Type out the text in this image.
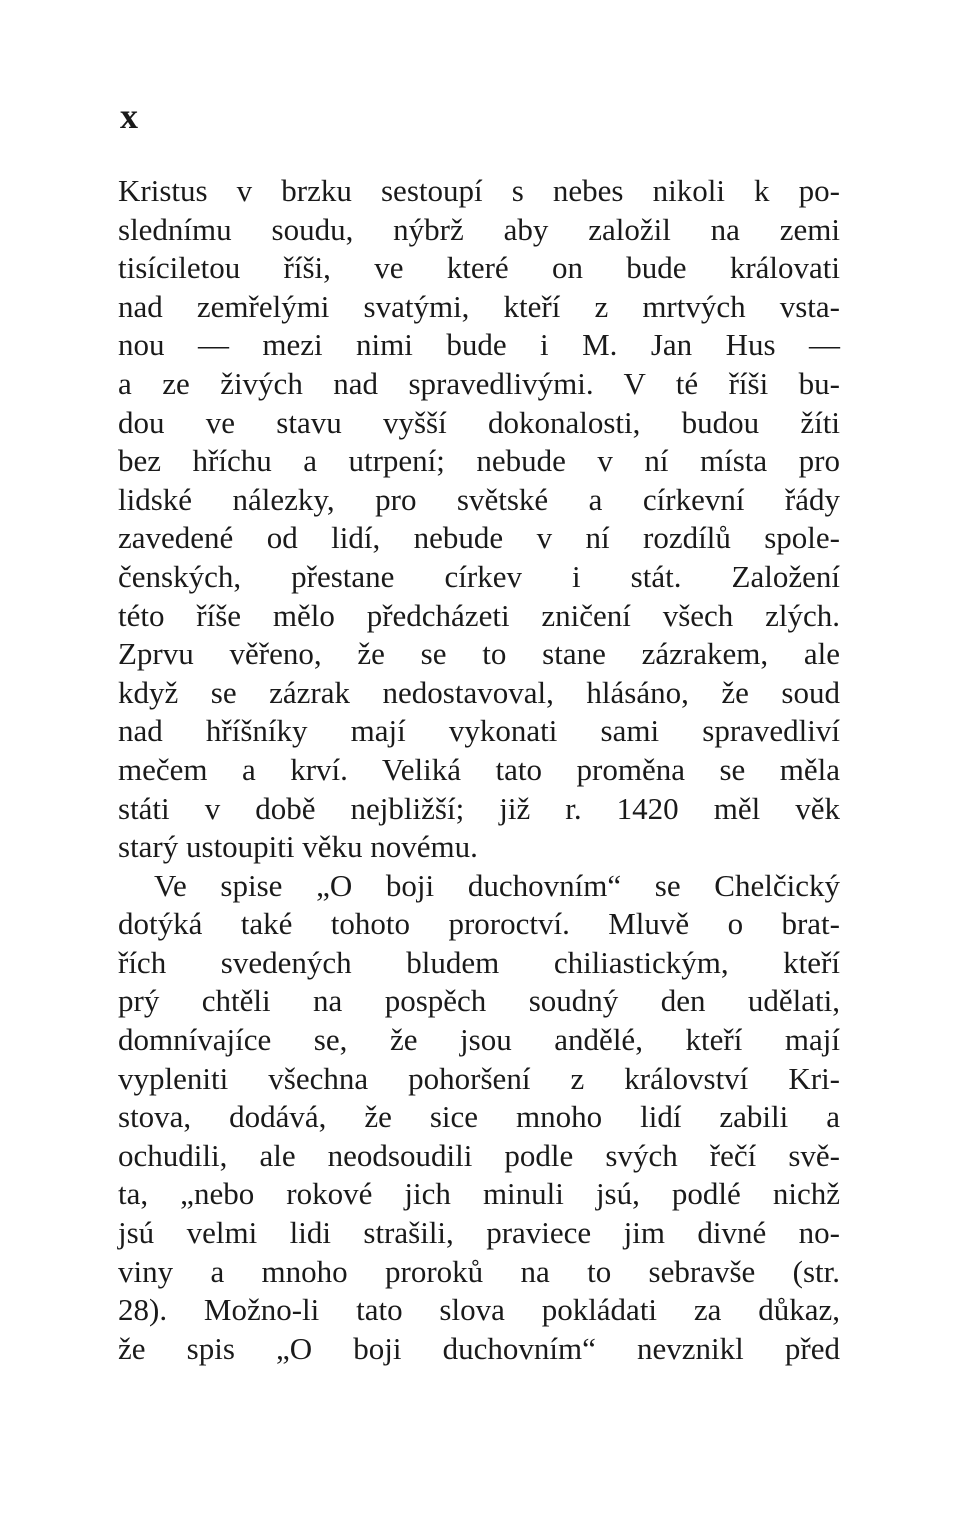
x
Kristus v brzku sestoupí s nebes nikoli k po-
slednímu soudu, nýbrž aby založil na zemi
tisíciletou říši, ve které on bude královati
nad zemřelými svatými, kteří z mrtvých vsta-
nou — mezi nimi bude i M. Jan Hus —
a ze živých nad spravedlivými. V té říši bu-
dou ve stavu vyšší dokonalosti, budou žíti
bez hříchu a utrpení; nebude v ní místa pro
lidské nálezky, pro světské a církevní řády
zavedené od lidí, nebude v ní rozdílů spole-
čenských, přestane církev i stát. Založení
této říše mělo předcházeti zničení všech zlých.
Zprvu věřeno, že se to stane zázrakem, ale
když se zázrak nedostavoval, hlásáno, že soud
nad hříšníky mají vykonati sami spravedliví
mečem a krví. Veliká tato proměna se měla
státi v době nejbližší; již r. 1420 měl věk
starý ustoupiti věku novému.
Ve spise „O boji duchovním“ se Chelčický
dotýká také tohoto proroctví. Mluvě o brat-
řích svedených bludem chiliastickým, kteří
prý chtěli na pospěch soudný den udělati,
domnívajíce se, že jsou andělé, kteří mají
vypleniti všechna pohoršení z království Kri-
stova, dodává, že sice mnoho lidí zabili a
ochudili, ale neodsoudili podle svých řečí svě-
ta, „nebo rokové jich minuli jsú, podlé nichž
jsú velmi lidi strašili, praviece jim divné no-
viny a mnoho proroků na to sebravše (str.
28). Možno-li tato slova pokládati za důkaz,
že spis „O boji duchovním“ nevznikl před
